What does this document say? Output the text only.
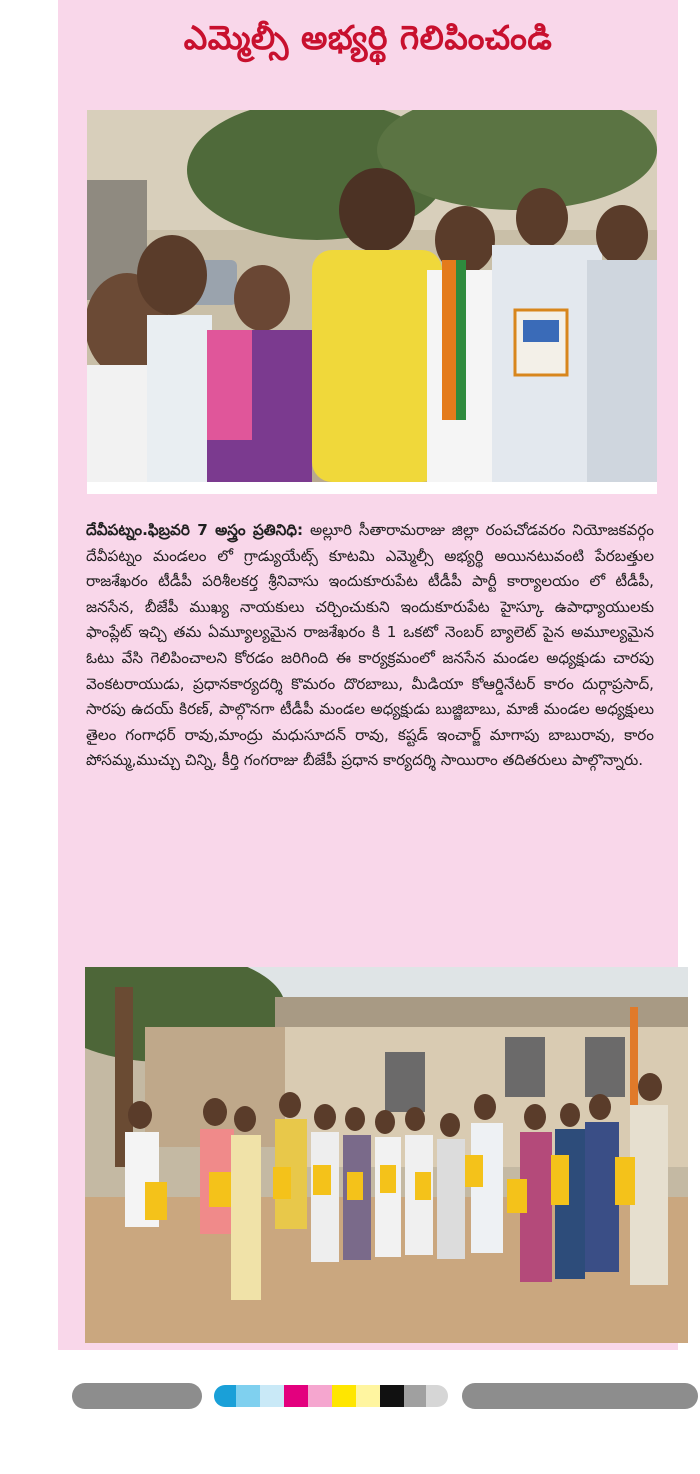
ఎమ్మెల్సీ అభ్యర్థి గెలిపించండి
దేవీపట్నం.ఫిబ్రవరి 7 అస్త్రం ప్రతినిధి: అల్లూరి సీతారామరాజు జిల్లా రంపచోడవరం నియోజకవర్గం దేవీపట్నం మండలం లో గ్రాడ్యుయేట్స్ కూటమి ఎమ్మెల్సీ అభ్యర్థి అయినటువంటి పేరబత్తుల రాజశేఖరం టీడీపీ పరిశీలకర్త శ్రీనివాసు ఇందుకూరుపేట టీడీపీ పార్టీ కార్యాలయం లో టీడీపీ, జనసేన, బీజేపీ ముఖ్య నాయకులు చర్చించుకుని ఇందుకూరుపేట హైస్కూ ఉపాధ్యాయులకు ఫాంప్లేట్ ఇచ్చి తమ ఏమ్యూల్యమైన రాజశేఖరం కి 1 ఒకటో నెంబర్ బ్యాలెట్ పైన అమూల్యమైన ఓటు వేసి గెలిపించాలని కోరడం జరిగింది ఈ కార్యక్రమంలో జనసేన మండల అధ్యక్షుడు చారపు వెంకటరాయుడు, ప్రధానకార్యదర్శి కొమరం దొరబాబు, మీడియా కోఆర్డినేటర్ కారం దుర్గాప్రసాద్, సారపు ఉదయ్ కిరణ్, పాల్గొనగా టీడీపీ మండల అధ్యక్షుడు బుజ్జిబాబు, మాజీ మండల అధ్యక్షులు తైలం గంగాధర్ రావు,మాంద్రు మధుసూదన్ రావు, కష్టడ్ ఇంచార్జ్ మాగాపు బాబురావు, కారం పోసమ్మ,ముచ్చు చిన్ని, కీర్తి గంగరాజు బీజేపీ ప్రధాన కార్యదర్శి సాయిరాం తదితరులు పాల్గొన్నారు.
